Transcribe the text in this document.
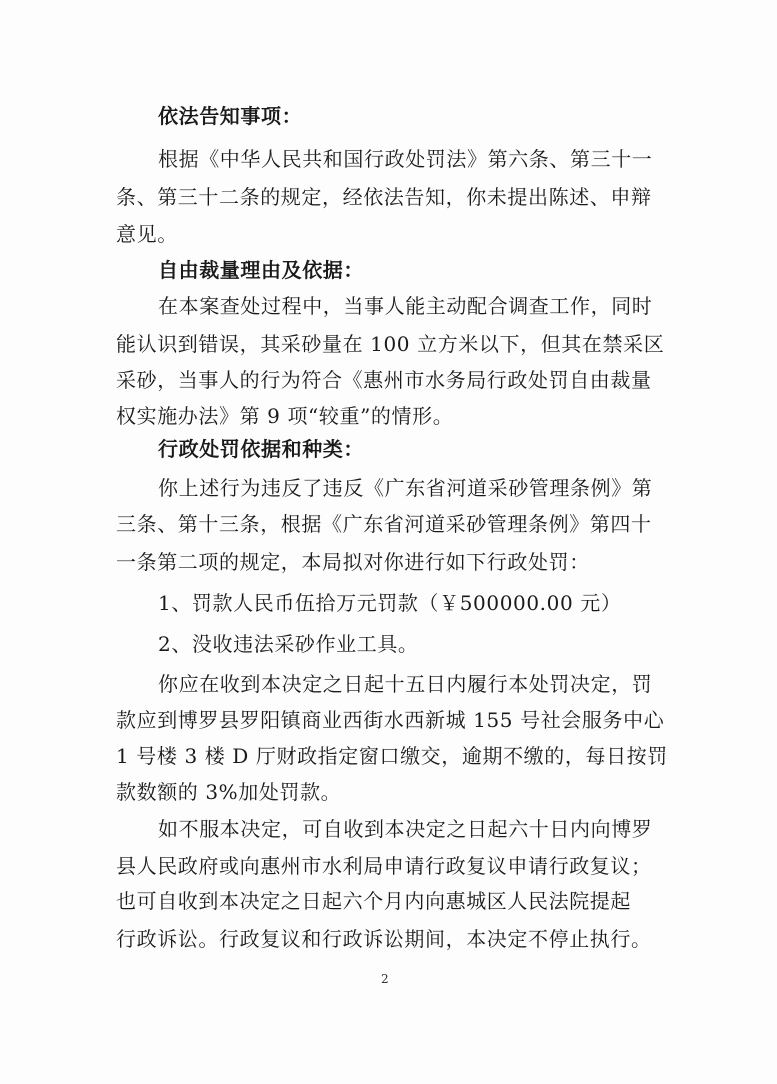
依法告知事项：
根据《中华人民共和国行政处罚法》第六条、第三十一
条、第三十二条的规定，经依法告知，你未提出陈述、申辩
意见。
自由裁量理由及依据：
在本案查处过程中，当事人能主动配合调查工作，同时
能认识到错误，其采砂量在 100 立方米以下，但其在禁采区
采砂，当事人的行为符合《惠州市水务局行政处罚自由裁量
权实施办法》第 9 项“较重”的情形。
行政处罚依据和种类：
你上述行为违反了违反《广东省河道采砂管理条例》第
三条、第十三条，根据《广东省河道采砂管理条例》第四十
一条第二项的规定，本局拟对你进行如下行政处罚：
1、罚款人民币伍拾万元罚款（￥500000.00 元）
2、没收违法采砂作业工具。
你应在收到本决定之日起十五日内履行本处罚决定，罚
款应到博罗县罗阳镇商业西街水西新城 155 号社会服务中心
1 号楼 3 楼 D 厅财政指定窗口缴交，逾期不缴的，每日按罚
款数额的 3%加处罚款。
如不服本决定，可自收到本决定之日起六十日内向博罗
县人民政府或向惠州市水利局申请行政复议申请行政复议；
也可自收到本决定之日起六个月内向惠城区人民法院提起
行政诉讼。行政复议和行政诉讼期间，本决定不停止执行。
2
